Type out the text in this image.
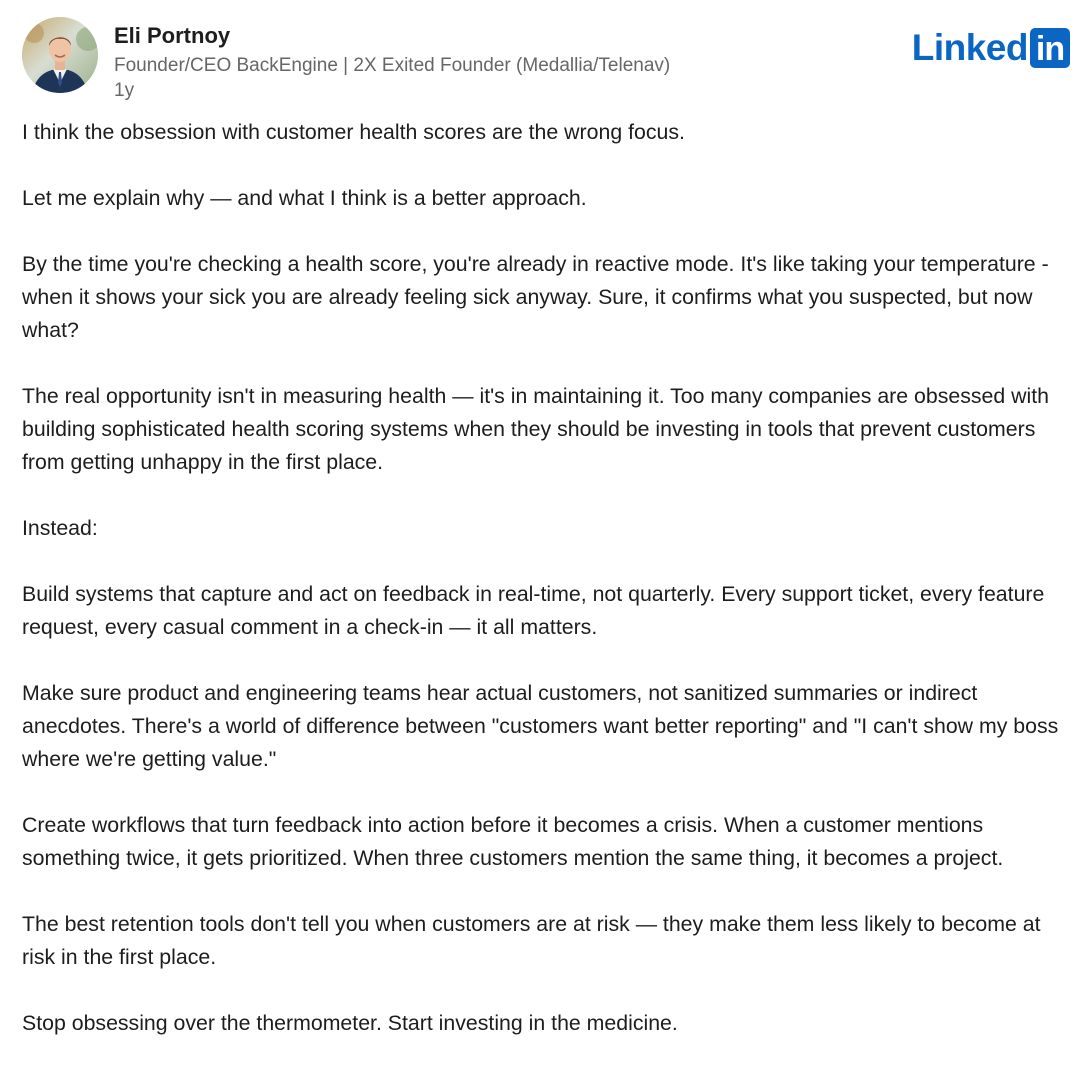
Eli Portnoy
Founder/CEO BackEngine | 2X Exited Founder (Medallia/Telenav)
1y
Linked in

I think the obsession with customer health scores are the wrong focus.

Let me explain why — and what I think is a better approach.

By the time you're checking a health score, you're already in reactive mode. It's like taking your temperature - when it shows your sick you are already feeling sick anyway. Sure, it confirms what you suspected, but now what?

The real opportunity isn't in measuring health — it's in maintaining it. Too many companies are obsessed with building sophisticated health scoring systems when they should be investing in tools that prevent customers from getting unhappy in the first place.

Instead:

Build systems that capture and act on feedback in real-time, not quarterly. Every support ticket, every feature request, every casual comment in a check-in — it all matters.

Make sure product and engineering teams hear actual customers, not sanitized summaries or indirect anecdotes. There's a world of difference between "customers want better reporting" and "I can't show my boss where we're getting value."

Create workflows that turn feedback into action before it becomes a crisis. When a customer mentions something twice, it gets prioritized. When three customers mention the same thing, it becomes a project.

The best retention tools don't tell you when customers are at risk — they make them less likely to become at risk in the first place.

Stop obsessing over the thermometer. Start investing in the medicine.
